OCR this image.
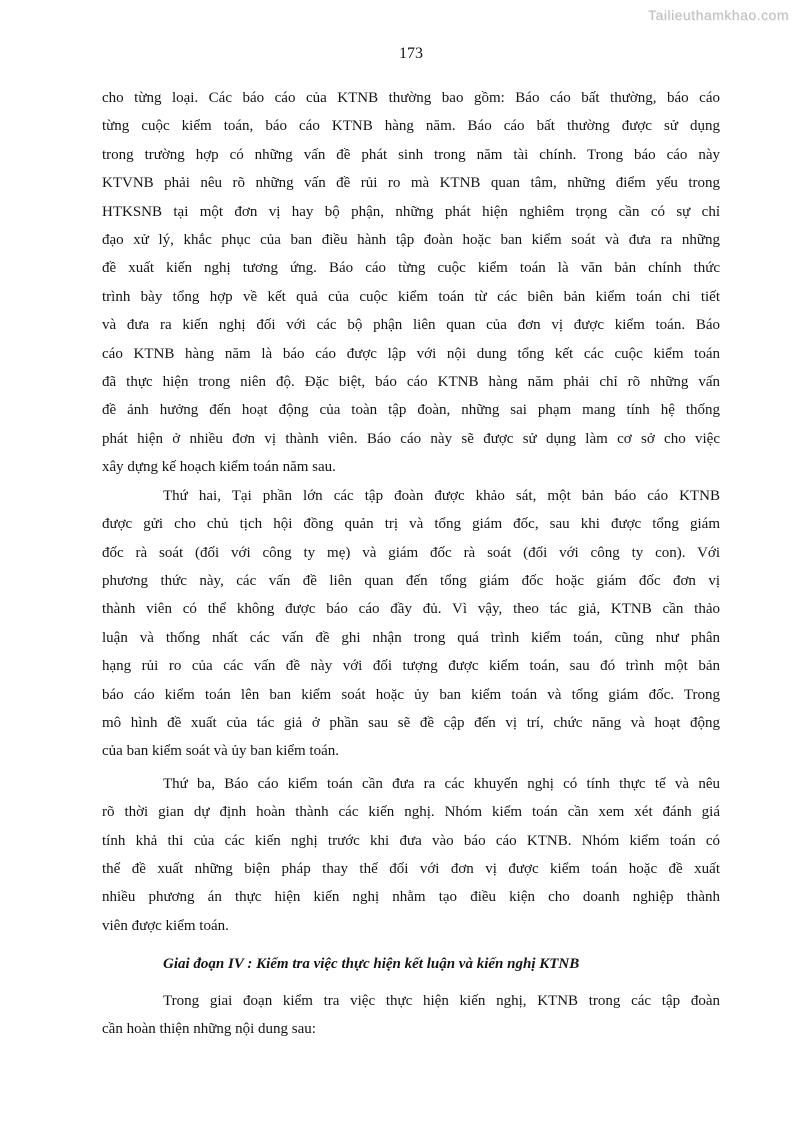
Tailieuthamkhao.com
173
cho từng loại. Các báo cáo của KTNB thường bao gồm: Báo cáo bất thường, báo cáo
từng cuộc kiểm toán, báo cáo KTNB hàng năm. Báo cáo bất thường được sử dụng
trong trường hợp có những vấn đề phát sinh trong năm tài chính. Trong báo cáo này
KTVNB phải nêu rõ những vấn đề rủi ro mà KTNB quan tâm, những điểm yếu trong
HTKSNB tại một đơn vị hay bộ phận, những phát hiện nghiêm trọng cần có sự chỉ
đạo xử lý, khắc phục của ban điều hành tập đoàn hoặc ban kiểm soát và đưa ra những
đề xuất kiến nghị tương ứng. Báo cáo từng cuộc kiểm toán là văn bản chính thức
trình bày tổng hợp về kết quả của cuộc kiểm toán từ các biên bản kiểm toán chi tiết
và đưa ra kiến nghị đối với các bộ phận liên quan của đơn vị được kiểm toán. Báo
cáo KTNB hàng năm là báo cáo được lập với nội dung tổng kết các cuộc kiểm toán
đã thực hiện trong niên độ. Đặc biệt, báo cáo KTNB hàng năm phải chỉ rõ những vấn
đề ảnh hưởng đến hoạt động của toàn tập đoàn, những sai phạm mang tính hệ thống
phát hiện ở nhiều đơn vị thành viên. Báo cáo này sẽ được sử dụng làm cơ sở cho việc
xây dựng kế hoạch kiểm toán năm sau.
Thứ hai, Tại phần lớn các tập đoàn được khảo sát, một bản báo cáo KTNB
được gửi cho chủ tịch hội đồng quản trị và tổng giám đốc, sau khi được tổng giám
đốc rà soát (đối với công ty mẹ) và giám đốc rà soát (đối với công ty con). Với
phương thức này, các vấn đề liên quan đến tổng giám đốc hoặc giám đốc đơn vị
thành viên có thể không được báo cáo đầy đủ. Vì vậy, theo tác giả, KTNB cần thảo
luận và thống nhất các vấn đề ghi nhận trong quá trình kiểm toán, cũng như phân
hạng rủi ro của các vấn đề này với đối tượng được kiểm toán, sau đó trình một bản
báo cáo kiểm toán lên ban kiểm soát hoặc ủy ban kiểm toán và tổng giám đốc. Trong
mô hình đề xuất của tác giả ở phần sau sẽ đề cập đến vị trí, chức năng và hoạt động
của ban kiểm soát và ủy ban kiểm toán.
Thứ ba, Báo cáo kiểm toán cần đưa ra các khuyến nghị có tính thực tế và nêu
rõ thời gian dự định hoàn thành các kiến nghị. Nhóm kiểm toán cần xem xét đánh giá
tính khả thi của các kiến nghị trước khi đưa vào báo cáo KTNB. Nhóm kiểm toán có
thể đề xuất những biện pháp thay thế đối với đơn vị được kiểm toán hoặc đề xuất
nhiều phương án thực hiện kiến nghị nhằm tạo điều kiện cho doanh nghiệp thành
viên được kiểm toán.
Giai đoạn IV : Kiểm tra việc thực hiện kết luận và kiến nghị KTNB
Trong giai đoạn kiểm tra việc thực hiện kiến nghị, KTNB trong các tập đoàn
cần hoàn thiện những nội dung sau:
